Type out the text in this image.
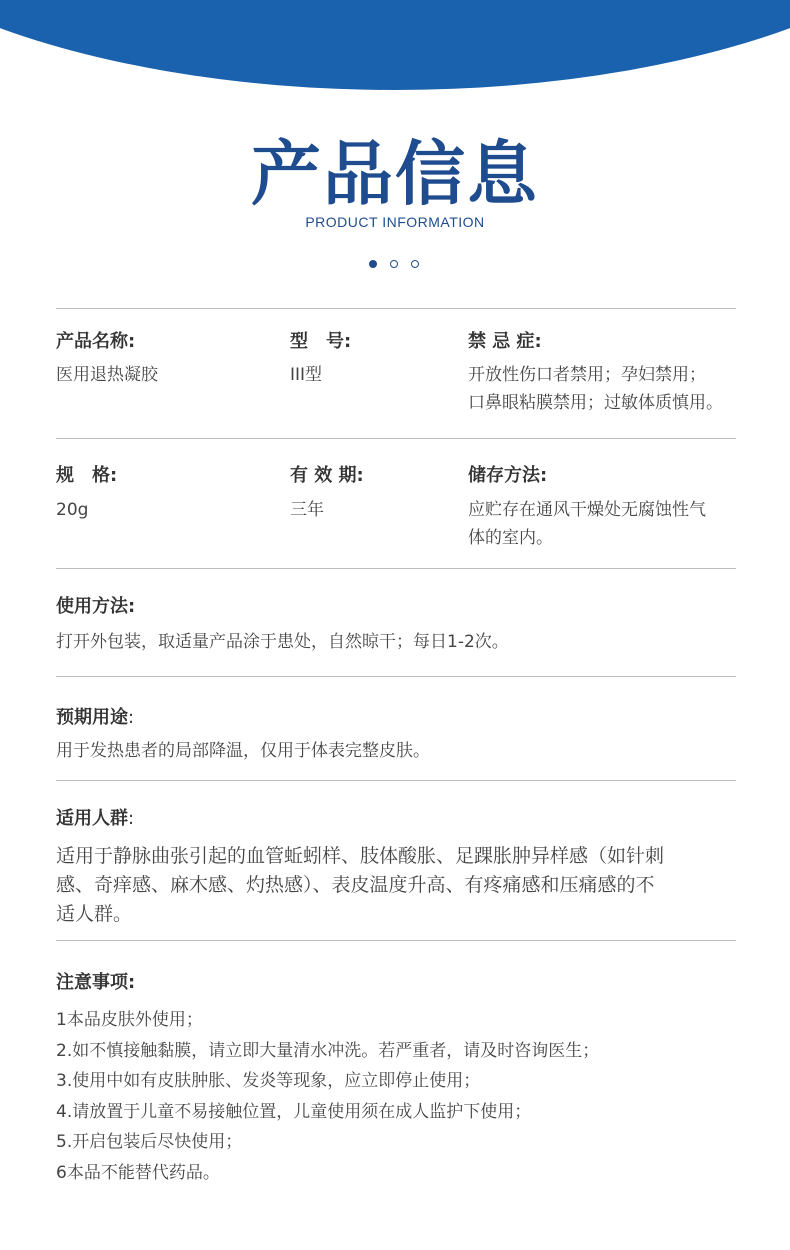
产品信息
PRODUCT INFORMATION
产品名称:
医用退热凝胶
型　号:
III型
禁 忌 症:
开放性伤口者禁用；孕妇禁用；
口鼻眼粘膜禁用；过敏体质慎用。
规　格:
20g
有 效 期:
三年
储存方法:
应贮存在通风干燥处无腐蚀性气
体的室内。
使用方法:
打开外包装，取适量产品涂于患处，自然晾干；每日1-2次。
预期用途:
用于发热患者的局部降温，仅用于体表完整皮肤。
适用人群:
适用于静脉曲张引起的血管蚯蚓样、肢体酸胀、足踝胀肿异样感（如针刺
感、奇痒感、麻木感、灼热感）、表皮温度升高、有疼痛感和压痛感的不
适人群。
注意事项:
1本品皮肤外使用；
2.如不慎接触黏膜，请立即大量清水冲洗。若严重者，请及时咨询医生；
3.使用中如有皮肤肿胀、发炎等现象，应立即停止使用；
4.请放置于儿童不易接触位置，儿童使用须在成人监护下使用；
5.开启包装后尽快使用；
6本品不能替代药品。
